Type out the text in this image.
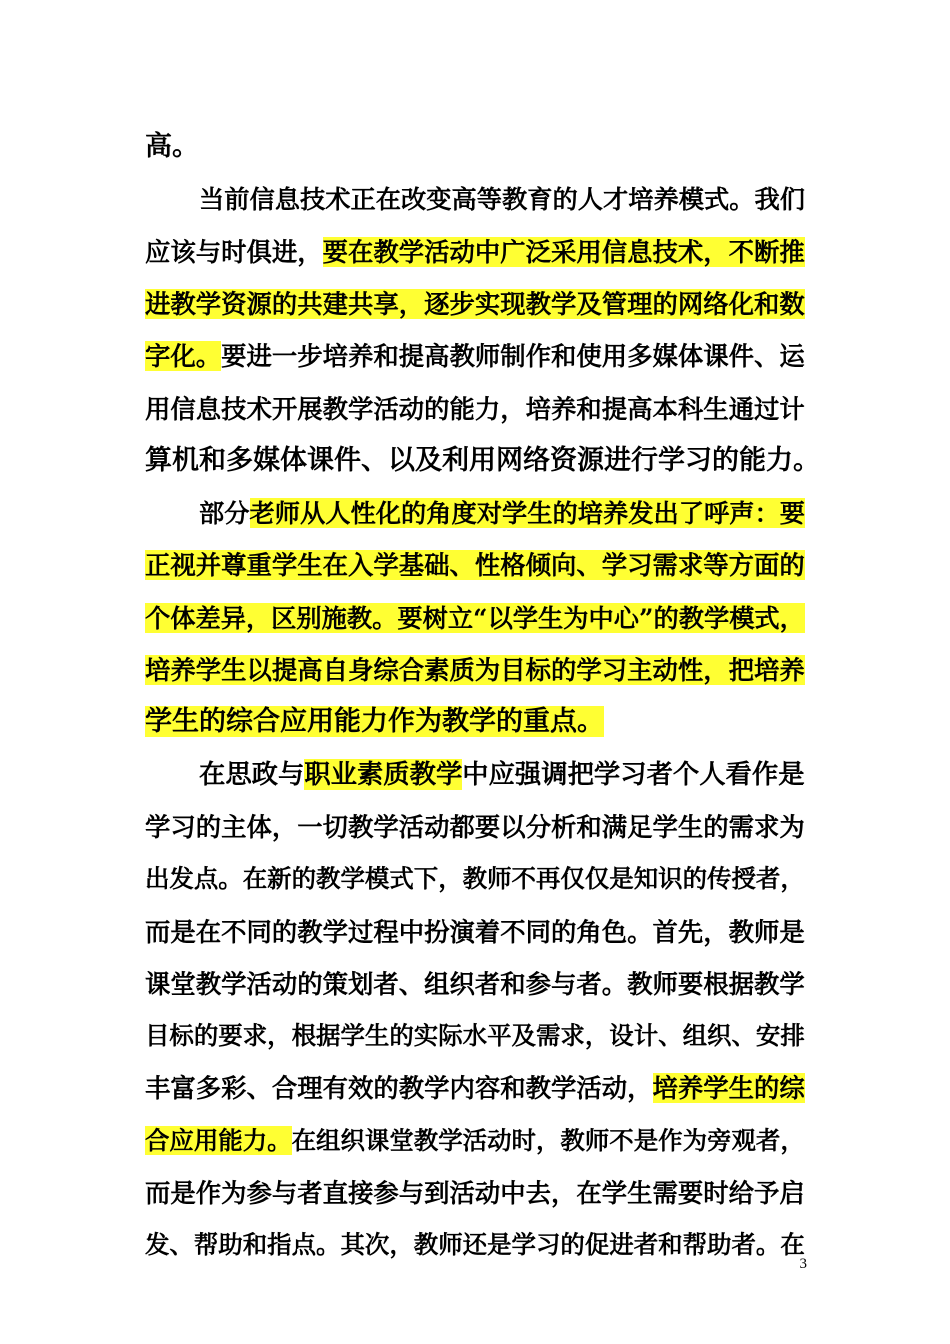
3
高。
当前信息技术正在改变高等教育的人才培养模式。我们
应该与时俱进，要在教学活动中广泛采用信息技术，不断推
进教学资源的共建共享，逐步实现教学及管理的网络化和数
字化。要进一步培养和提高教师制作和使用多媒体课件、运
用信息技术开展教学活动的能力，培养和提高本科生通过计
算机和多媒体课件、以及利用网络资源进行学习的能力。
部分老师从人性化的角度对学生的培养发出了呼声：要
正视并尊重学生在入学基础、性格倾向、学习需求等方面的
个体差异，区别施教。要树立“以学生为中心”的教学模式，
培养学生以提高自身综合素质为目标的学习主动性，把培养
学生的综合应用能力作为教学的重点。
在思政与职业素质教学中应强调把学习者个人看作是
学习的主体，一切教学活动都要以分析和满足学生的需求为
出发点。在新的教学模式下，教师不再仅仅是知识的传授者，
而是在不同的教学过程中扮演着不同的角色。首先，教师是
课堂教学活动的策划者、组织者和参与者。教师要根据教学
目标的要求，根据学生的实际水平及需求，设计、组织、安排
丰富多彩、合理有效的教学内容和教学活动，培养学生的综
合应用能力。在组织课堂教学活动时，教师不是作为旁观者，
而是作为参与者直接参与到活动中去，在学生需要时给予启
发、帮助和指点。其次，教师还是学习的促进者和帮助者。在
